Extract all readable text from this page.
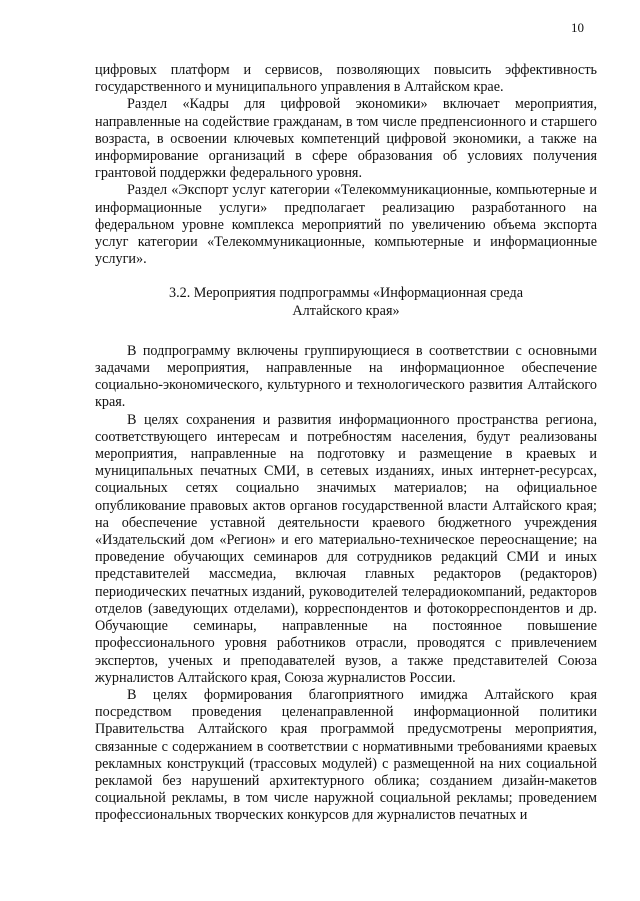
10

цифровых платформ и сервисов, позволяющих повысить эффективность государственного и муниципального управления в Алтайском крае.

Раздел «Кадры для цифровой экономики» включает мероприятия, направленные на содействие гражданам, в том числе предпенсионного и старшего возраста, в освоении ключевых компетенций цифровой экономики, а также на информирование организаций в сфере образования об условиях получения грантовой поддержки федерального уровня.

Раздел «Экспорт услуг категории «Телекоммуникационные, компьютерные и информационные услуги» предполагает реализацию разработанного на федеральном уровне комплекса мероприятий по увеличению объема экспорта услуг категории «Телекоммуникационные, компьютерные и информационные услуги».

3.2. Мероприятия подпрограммы «Информационная среда
Алтайского края»

В подпрограмму включены группирующиеся в соответствии с основными задачами мероприятия, направленные на информационное обеспечение социально-экономического, культурного и технологического развития Алтайского края.

В целях сохранения и развития информационного пространства региона, соответствующего интересам и потребностям населения, будут реализованы мероприятия, направленные на подготовку и размещение в краевых и муниципальных печатных СМИ, в сетевых изданиях, иных интернет-ресурсах, социальных сетях социально значимых материалов; на официальное опубликование правовых актов органов государственной власти Алтайского края; на обеспечение уставной деятельности краевого бюджетного учреждения «Издательский дом «Регион» и его материально-техническое переоснащение; на проведение обучающих семинаров для сотрудников редакций СМИ и иных представителей массмедиа, включая главных редакторов (редакторов) периодических печатных изданий, руководителей телерадиокомпаний, редакторов отделов (заведующих отделами), корреспондентов и фотокорреспондентов и др. Обучающие семинары, направленные на постоянное повышение профессионального уровня работников отрасли, проводятся с привлечением экспертов, ученых и преподавателей вузов, а также представителей Союза журналистов Алтайского края, Союза журналистов России.

В целях формирования благоприятного имиджа Алтайского края посредством проведения целенаправленной информационной политики Правительства Алтайского края программой предусмотрены мероприятия, связанные с содержанием в соответствии с нормативными требованиями краевых рекламных конструкций (трассовых модулей) с размещенной на них социальной рекламой без нарушений архитектурного облика; созданием дизайн-макетов социальной рекламы, в том числе наружной социальной рекламы; проведением профессиональных творческих конкурсов для журналистов печатных и
